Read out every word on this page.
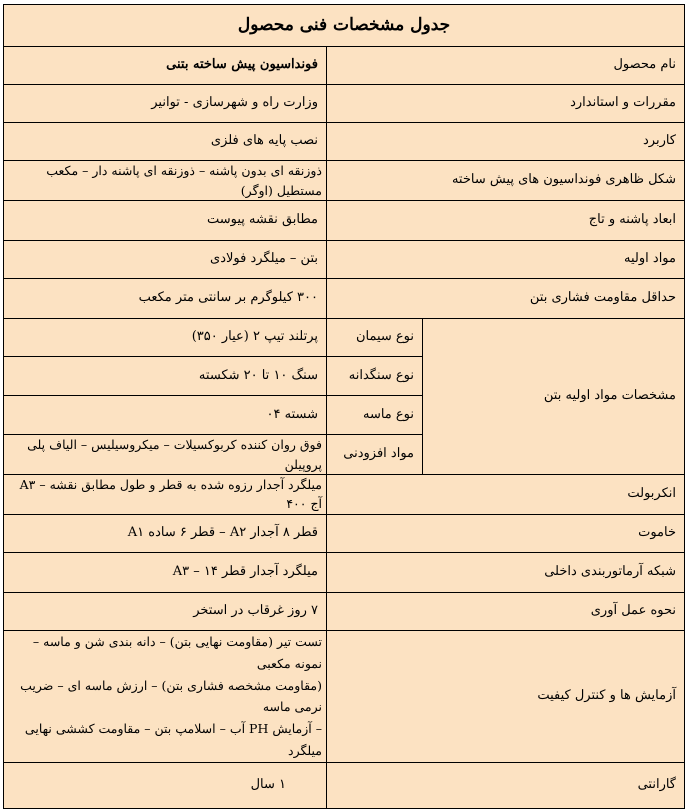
جدول مشخصات فنی محصول		
نام محصول		فونداسیون پیش ساخته بتنی
مقررات و استاندارد		وزارت راه و شهرسازی - توانیر
کاربرد		نصب پایه های فلزی
شکل ظاهری فونداسیون های پیش ساخته		ذوزنقه ای بدون پاشنه – ذوزنقه ای پاشنه دار – مکعب مستطیل (اوگر)
ابعاد پاشنه و تاج		مطابق نقشه پیوست
مواد اولیه		بتن – میلگرد فولادی
حداقل مقاومت فشاری بتن		۳۰۰ کیلوگرم بر سانتی متر مکعب
مشخصات مواد اولیه بتن	نوع سیمان	پرتلند تیپ ۲ (عیار ۳۵۰)
	نوع سنگدانه	سنگ ۱۰ تا ۲۰ شکسته
	نوع ماسه	شسته ۰۴
	مواد افزودنی	فوق روان کننده کربوکسیلات – میکروسیلیس – الیاف پلی پروپیلن
انکربولت		میلگرد آجدار رزوه شده به قطر و طول مطابق نقشه – A۳ آج ۴۰۰
خاموت		قطر ۸ آجدار A۲ – قطر ۶ ساده A۱
شبکه آرماتوربندی داخلی		میلگرد آجدار قطر ۱۴ – A۳
نحوه عمل آوری		۷ روز غرقاب در استخر
آزمایش ها و کنترل کیفیت		تست تیر (مقاومت نهایی بتن) – دانه بندی شن و ماسه – نمونه مکعبی
(مقاومت مشخصه فشاری بتن) – ارزش ماسه ای – ضریب نرمی ماسه
– آزمایش PH آب – اسلامپ بتن – مقاومت کششی نهایی میلگرد

گارانتی		۱ سال
